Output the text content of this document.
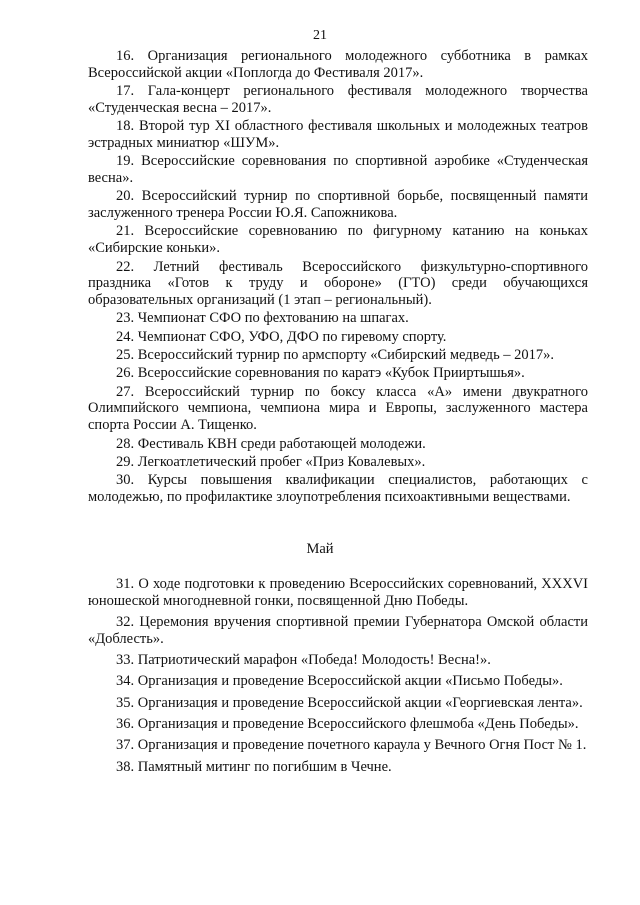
21
16. Организация регионального молодежного субботника в рамках Всероссийской акции «Поплогда до Фестиваля 2017».
17. Гала-концерт регионального фестиваля молодежного творчества «Студенческая весна – 2017».
18. Второй тур XI областного фестиваля школьных и молодежных театров эстрадных миниатюр «ШУМ».
19. Всероссийские соревнования по спортивной аэробике «Студенческая весна».
20. Всероссийский турнир по спортивной борьбе, посвященный памяти заслуженного тренера России Ю.Я. Сапожникова.
21. Всероссийские соревнованию по фигурному катанию на коньках «Сибирские коньки».
22. Летний фестиваль Всероссийского физкультурно-спортивного праздника «Готов к труду и обороне» (ГТО) среди обучающихся образовательных организаций (1 этап – региональный).
23. Чемпионат СФО по фехтованию на шпагах.
24. Чемпионат СФО, УФО, ДФО по гиревому спорту.
25. Всероссийский турнир по армспорту «Сибирский медведь – 2017».
26. Всероссийские соревнования по каратэ «Кубок Прииртышья».
27. Всероссийский турнир по боксу класса «А» имени двукратного Олимпийского чемпиона, чемпиона мира и Европы, заслуженного мастера спорта России А. Тищенко.
28. Фестиваль КВН среди работающей молодежи.
29. Легкоатлетический пробег «Приз Ковалевых».
30. Курсы повышения квалификации специалистов, работающих с молодежью, по профилактике злоупотребления психоактивными веществами.
Май
31. О ходе подготовки к проведению Всероссийских соревнований, XXXVI юношеской многодневной гонки, посвященной Дню Победы.
32. Церемония вручения спортивной премии Губернатора Омской области «Доблесть».
33. Патриотический марафон «Победа! Молодость! Весна!».
34. Организация и проведение Всероссийской акции «Письмо Победы».
35. Организация и проведение Всероссийской акции «Георгиевская лента».
36. Организация и проведение Всероссийского флешмоба «День Победы».
37. Организация и проведение почетного караула у Вечного Огня Пост № 1.
38. Памятный митинг по погибшим в Чечне.
